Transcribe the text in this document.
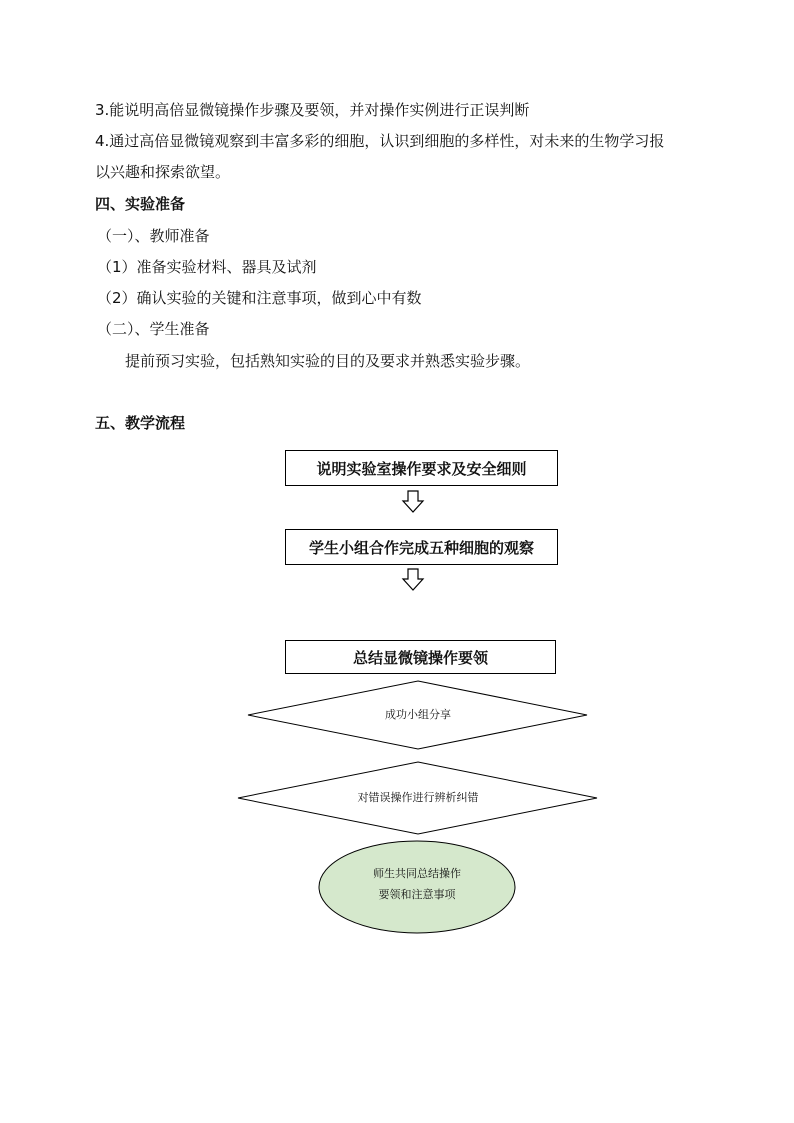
3.能说明高倍显微镜操作步骤及要领，并对操作实例进行正误判断
4.通过高倍显微镜观察到丰富多彩的细胞，认识到细胞的多样性，对未来的生物学习报
以兴趣和探索欲望。
四、实验准备
（一）、教师准备
（1）准备实验材料、器具及试剂
（2）确认实验的关键和注意事项，做到心中有数
（二）、学生准备
提前预习实验，包括熟知实验的目的及要求并熟悉实验步骤。
五、教学流程
说明实验室操作要求及安全细则
学生小组合作完成五种细胞的观察
总结显微镜操作要领
成功小组分享
对错误操作进行辨析纠错
师生共同总结操作
要领和注意事项
